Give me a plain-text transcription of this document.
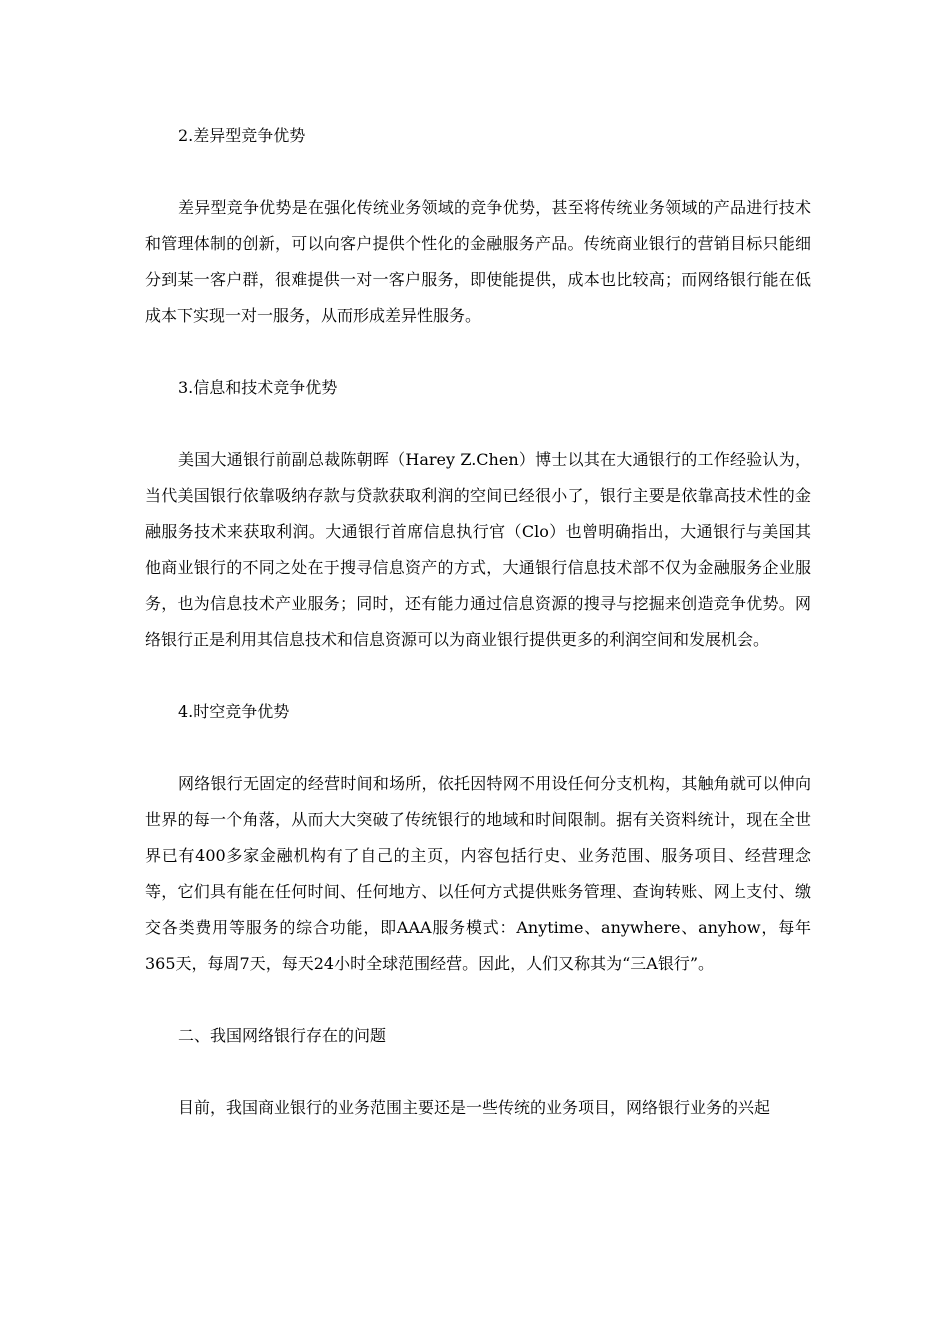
2.差异型竞争优势

差异型竞争优势是在强化传统业务领域的竞争优势，甚至将传统业务领域的产品进行技术和管理体制的创新，可以向客户提供个性化的金融服务产品。传统商业银行的营销目标只能细分到某一客户群，很难提供一对一客户服务，即使能提供，成本也比较高；而网络银行能在低成本下实现一对一服务，从而形成差异性服务。

3.信息和技术竞争优势

美国大通银行前副总裁陈朝晖（Harey Z.Chen）博士以其在大通银行的工作经验认为，当代美国银行依靠吸纳存款与贷款获取利润的空间已经很小了，银行主要是依靠高技术性的金融服务技术来获取利润。大通银行首席信息执行官（Clo）也曾明确指出，大通银行与美国其他商业银行的不同之处在于搜寻信息资产的方式，大通银行信息技术部不仅为金融服务企业服务，也为信息技术产业服务；同时，还有能力通过信息资源的搜寻与挖掘来创造竞争优势。网络银行正是利用其信息技术和信息资源可以为商业银行提供更多的利润空间和发展机会。

4.时空竞争优势

网络银行无固定的经营时间和场所，依托因特网不用设任何分支机构，其触角就可以伸向世界的每一个角落，从而大大突破了传统银行的地域和时间限制。据有关资料统计，现在全世界已有400多家金融机构有了自己的主页，内容包括行史、业务范围、服务项目、经营理念等，它们具有能在任何时间、任何地方、以任何方式提供账务管理、查询转账、网上支付、缴交各类费用等服务的综合功能，即AAA服务模式：Anytime、anywhere、anyhow，每年365天，每周7天，每天24小时全球范围经营。因此，人们又称其为“三A银行”。

二、我国网络银行存在的问题

目前，我国商业银行的业务范围主要还是一些传统的业务项目，网络银行业务的兴起
